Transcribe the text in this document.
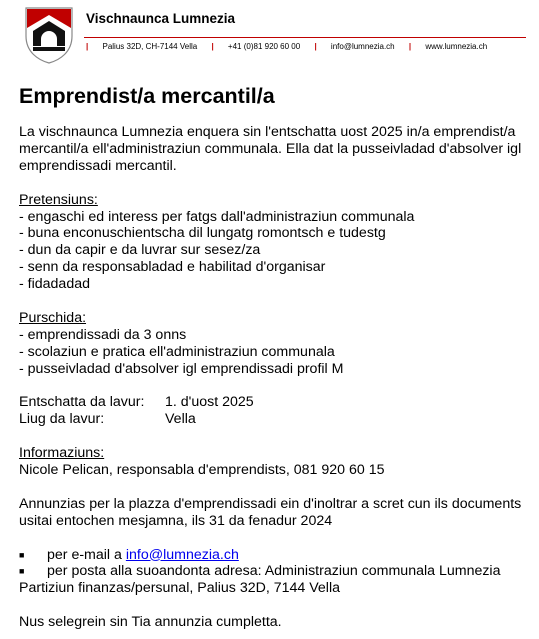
Vischnaunca Lumnezia
| Palius 32D, CH-7144 Vella | +41 (0)81 920 60 00 | info@lumnezia.ch | www.lumnezia.ch
Emprendist/a mercantil/a

La vischnaunca Lumnezia enquera sin l'entschatta uost 2025 in/a emprendist/a mercantil/a ell'administraziun communala. Ella dat la pusseivladad d'absolver igl emprendissadi mercantil.

Pretensiuns:

- engaschi ed interess per fatgs dall'administraziun communala

- buna enconuschientscha dil lungatg romontsch e tudestg

- dun da capir e da luvrar sur sesez/za

- senn da responsabladad e habilitad d'organisar

- fidadadad

Purschida:

- emprendissadi da 3 onns

- scolaziun e pratica ell'administraziun communala

- pusseivladad d'absolver igl emprendissadi profil M

Entschatta da lavur:	1. d'uost 2025
Liug da lavur:	Vella

Informaziuns:

Nicole Pelican, responsabla d'emprendists, 081 920 60 15

Annunzias per la plazza d'emprendissadi ein d'inoltrar a scret cun ils documents usitai entochen mesjamna, ils 31 da fenadur 2024

■	per e-mail a info@lumnezia.ch
■	per posta alla suoandonta adresa: Administraziun communala Lumnezia

Partiziun finanzas/persunal, Palius 32D, 7144 Vella

Nus selegrein sin Tia annunzia cumpletta.
